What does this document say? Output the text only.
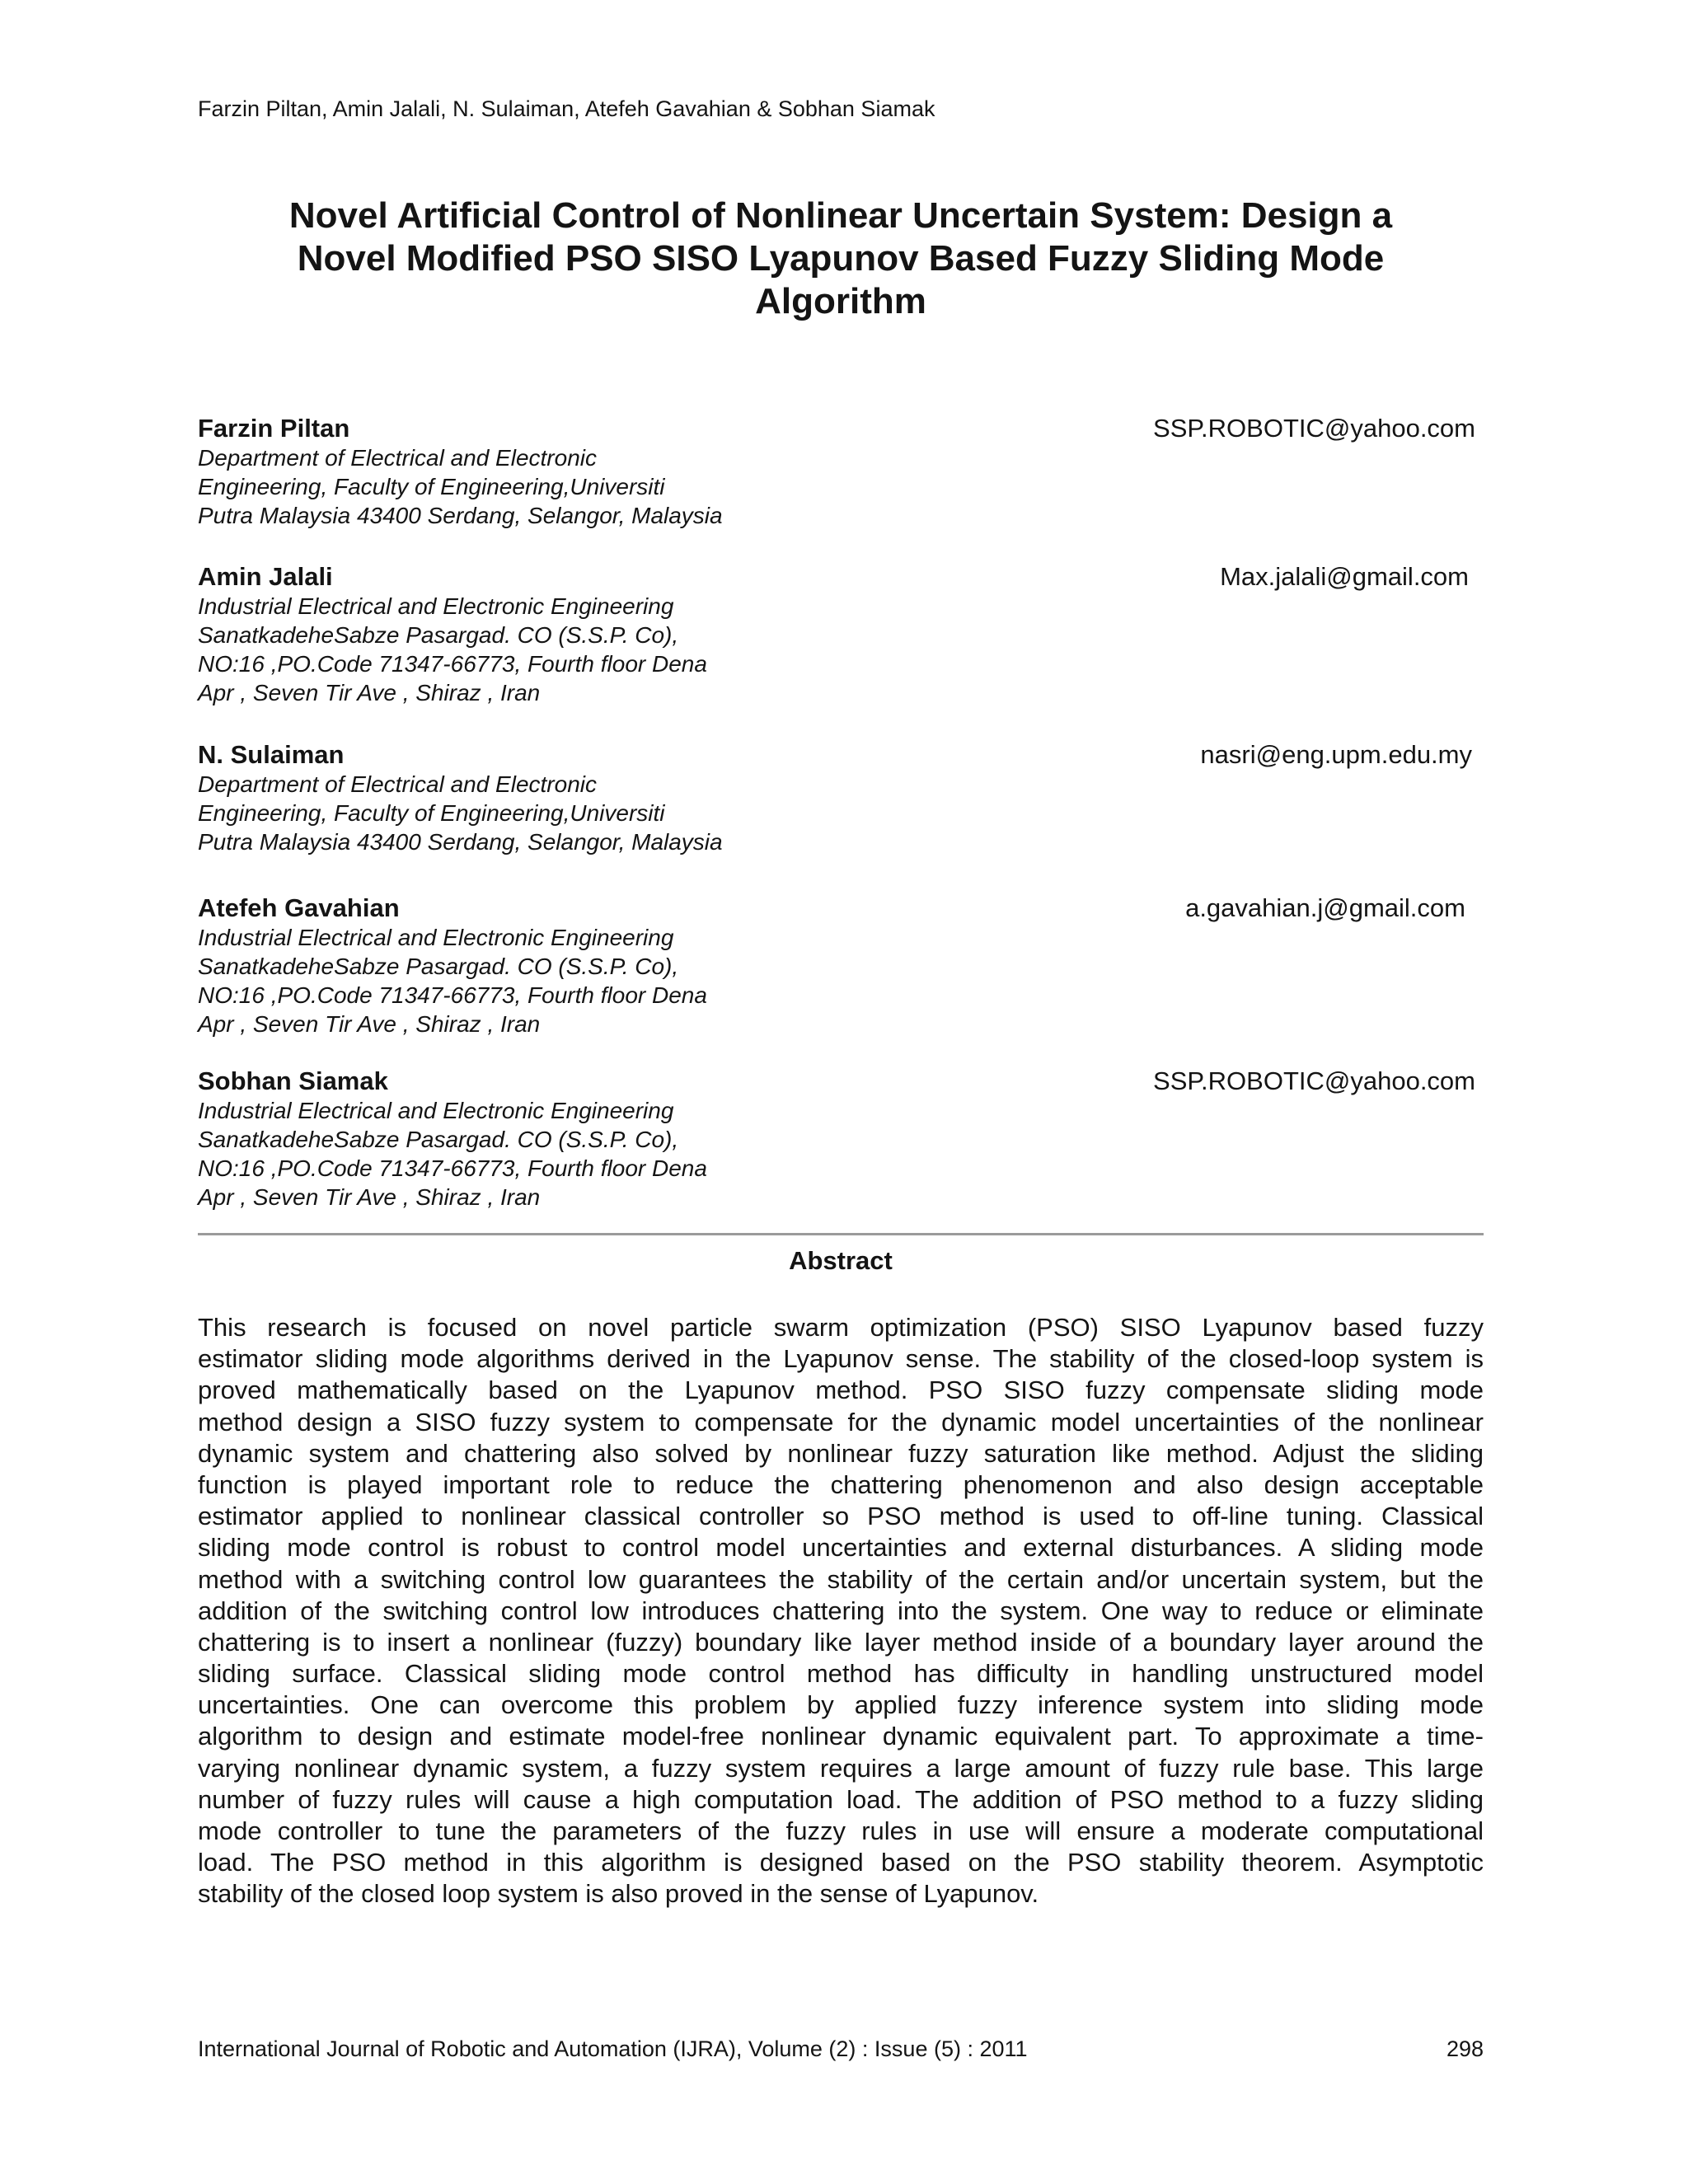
Farzin Piltan, Amin Jalali, N. Sulaiman, Atefeh Gavahian & Sobhan Siamak
Novel Artificial Control of Nonlinear Uncertain System: Design a
Novel Modified PSO SISO Lyapunov Based Fuzzy Sliding Mode
Algorithm
Farzin Piltan	SSP.ROBOTIC@yahoo.com
Department of Electrical and Electronic
Engineering, Faculty of Engineering,Universiti
Putra Malaysia 43400 Serdang, Selangor, Malaysia
Amin Jalali	Max.jalali@gmail.com
Industrial Electrical and Electronic Engineering
SanatkadeheSabze Pasargad. CO (S.S.P. Co),
NO:16 ,PO.Code 71347-66773, Fourth floor Dena
Apr , Seven Tir Ave , Shiraz , Iran
N. Sulaiman	nasri@eng.upm.edu.my
Department of Electrical and Electronic
Engineering, Faculty of Engineering,Universiti
Putra Malaysia 43400 Serdang, Selangor, Malaysia
Atefeh Gavahian	a.gavahian.j@gmail.com
Industrial Electrical and Electronic Engineering
SanatkadeheSabze Pasargad. CO (S.S.P. Co),
NO:16 ,PO.Code 71347-66773, Fourth floor Dena
Apr , Seven Tir Ave , Shiraz , Iran
Sobhan Siamak	SSP.ROBOTIC@yahoo.com
Industrial Electrical and Electronic Engineering
SanatkadeheSabze Pasargad. CO (S.S.P. Co),
NO:16 ,PO.Code 71347-66773, Fourth floor Dena
Apr , Seven Tir Ave , Shiraz , Iran
Abstract
This research is focused on novel particle swarm optimization (PSO) SISO Lyapunov based fuzzy
estimator sliding mode algorithms derived in the Lyapunov sense. The stability of the closed-loop system is
proved mathematically based on the Lyapunov method. PSO SISO fuzzy compensate sliding mode
method design a SISO fuzzy system to compensate for the dynamic model uncertainties of the nonlinear
dynamic system and chattering also solved by nonlinear fuzzy saturation like method. Adjust the sliding
function is played important role to reduce the chattering phenomenon and also design acceptable
estimator applied to nonlinear classical controller so PSO method is used to off-line tuning. Classical
sliding mode control is robust to control model uncertainties and external disturbances. A sliding mode
method with a switching control low guarantees the stability of the certain and/or uncertain system, but the
addition of the switching control low introduces chattering into the system. One way to reduce or eliminate
chattering is to insert a nonlinear (fuzzy) boundary like layer method inside of a boundary layer around the
sliding surface. Classical sliding mode control method has difficulty in handling unstructured model
uncertainties. One can overcome this problem by applied fuzzy inference system into sliding mode
algorithm to design and estimate model-free nonlinear dynamic equivalent part. To approximate a time-
varying nonlinear dynamic system, a fuzzy system requires a large amount of fuzzy rule base. This large
number of fuzzy rules will cause a high computation load. The addition of PSO method to a fuzzy sliding
mode controller to tune the parameters of the fuzzy rules in use will ensure a moderate computational
load. The PSO method in this algorithm is designed based on the PSO stability theorem. Asymptotic
stability of the closed loop system is also proved in the sense of Lyapunov.
International Journal of Robotic and Automation (IJRA), Volume (2) : Issue (5) : 2011	298
